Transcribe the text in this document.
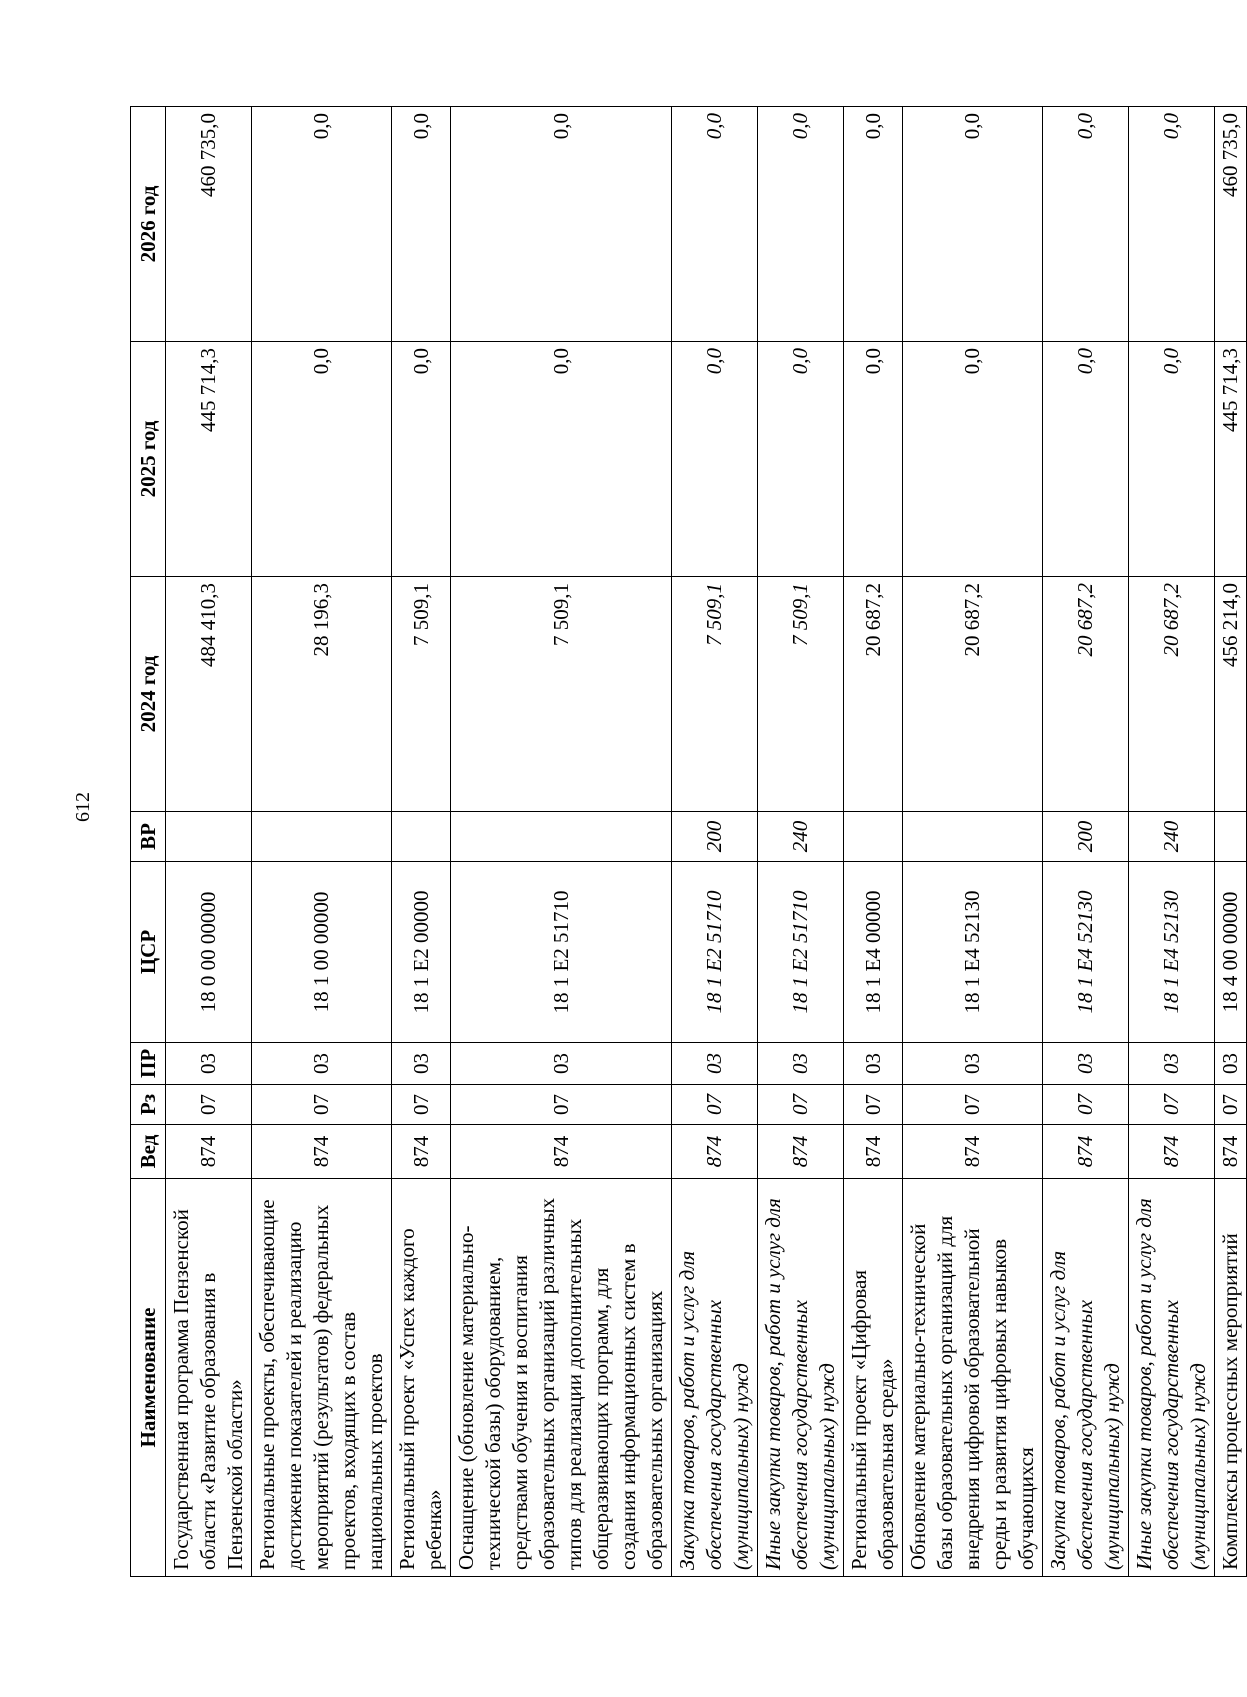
612
Наименование	Вед	Рз	ПР	ЦСР	ВР	2024 год	2025 год	2026 год
Государственная программа Пензенской области «Развитие образования в Пензенской области»	874	07	03	18 0 00 00000		484 410,3	445 714,3	460 735,0
Региональные проекты, обеспечивающие достижение показателей и реализацию мероприятий (результатов) федеральных проектов, входящих в состав национальных проектов	874	07	03	18 1 00 00000		28 196,3	0,0	0,0
Региональный проект «Успех каждого ребенка»	874	07	03	18 1 E2 00000		7 509,1	0,0	0,0
Оснащение (обновление материально-технической базы) оборудованием, средствами обучения и воспитания образовательных организаций различных типов для реализации дополнительных общеразвивающих программ, для создания информационных систем в образовательных организациях	874	07	03	18 1 E2 51710		7 509,1	0,0	0,0
Закупка товаров, работ и услуг для обеспечения государственных (муниципальных) нужд	874	07	03	18 1 E2 51710	200	7 509,1	0,0	0,0
Иные закупки товаров, работ и услуг для обеспечения государственных (муниципальных) нужд	874	07	03	18 1 E2 51710	240	7 509,1	0,0	0,0
Региональный проект «Цифровая образовательная среда»	874	07	03	18 1 E4 00000		20 687,2	0,0	0,0
Обновление материально-технической базы образовательных организаций для внедрения цифровой образовательной среды и развития цифровых навыков обучающихся	874	07	03	18 1 E4 52130		20 687,2	0,0	0,0
Закупка товаров, работ и услуг для обеспечения государственных (муниципальных) нужд	874	07	03	18 1 E4 52130	200	20 687,2	0,0	0,0
Иные закупки товаров, работ и услуг для обеспечения государственных (муниципальных) нужд	874	07	03	18 1 E4 52130	240	20 687,2	0,0	0,0
Комплексы процессных мероприятий	874	07	03	18 4 00 00000		456 214,0	445 714,3	460 735,0
